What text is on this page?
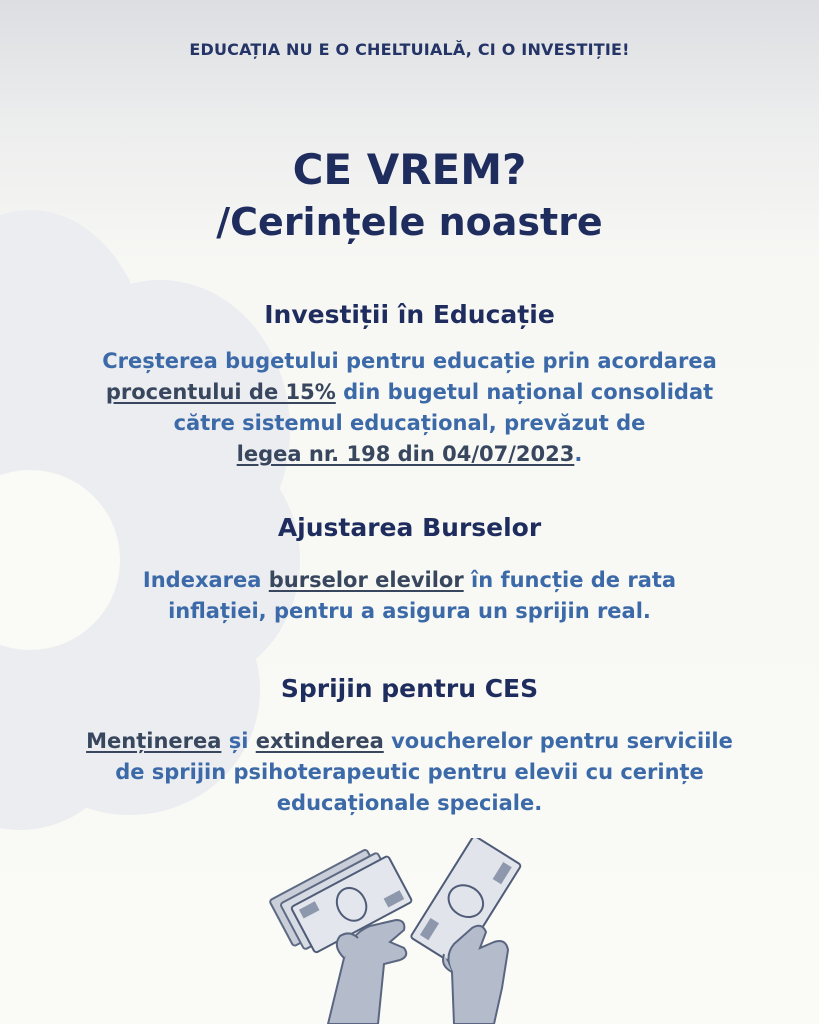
EDUCAȚIA NU E O CHELTUIALĂ, CI O INVESTIȚIE!
CE VREM?
/Cerințele noastre
Investiții în Educație
Creșterea bugetului pentru educație prin acordarea
procentului de 15% din bugetul național consolidat
către sistemul educațional, prevăzut de
legea nr. 198 din 04/07/2023.
Ajustarea Burselor
Indexarea burselor elevilor în funcție de rata
inflației, pentru a asigura un sprijin real.
Sprijin pentru CES
Menținerea și extinderea voucherelor pentru serviciile
de sprijin psihoterapeutic pentru elevii cu cerințe
educaționale speciale.
